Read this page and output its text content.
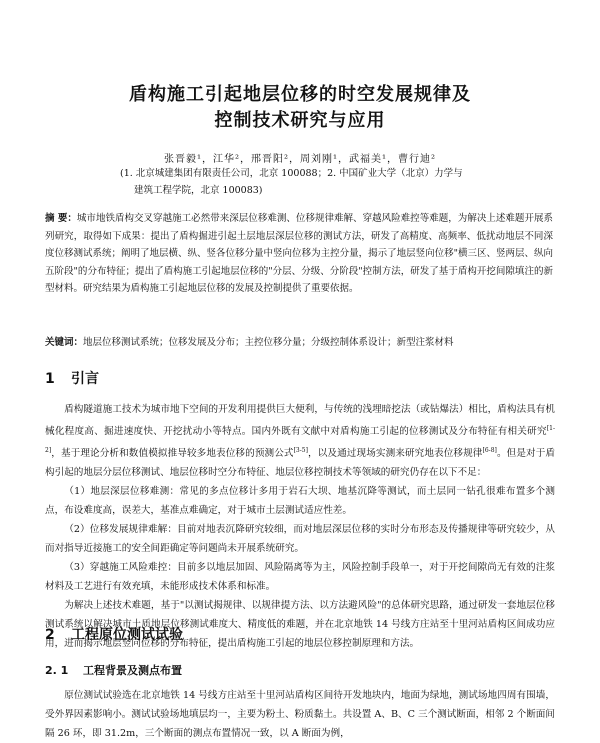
盾构施工引起地层位移的时空发展规律及
控制技术研究与应用
张晋毅¹，江华²，邢晋阳²，周刘刚¹，武福美¹，曹行迪²
(1. 北京城建集团有限责任公司，北京 100088；2. 中国矿业大学（北京）力学与
建筑工程学院，北京 100083)
摘 要：城市地铁盾构交叉穿越施工必然带来深层位移难测、位移规律难解、穿越风险难控等难题，为解决上述难题开展系列研究，取得如下成果：提出了盾构掘进引起土层地层深层位移的测试方法，研发了高精度、高频率、低扰动地层不同深度位移测试系统；阐明了地层横、纵、竖各位移分量中竖向位移为主控分量，揭示了地层竖向位移"横三区、竖两层、纵向五阶段"的分布特征；提出了盾构施工引起地层位移的"分层、分级、分阶段"控制方法，研发了基于盾构开挖间隙填注的新型材料。研究结果为盾构施工引起地层位移的发展及控制提供了重要依据。
关键词：地层位移测试系统；位移发展及分布；主控位移分量；分级控制体系设计；新型注浆材料
1 引言

盾构隧道施工技术为城市地下空间的开发利用提供巨大便利，与传统的浅埋暗挖法（或钻爆法）相比，盾构法具有机械化程度高、掘进速度快、开挖扰动小等特点。国内外既有文献中对盾构施工引起的位移测试及分布特征有相关研究[1-2]，基于理论分析和数值模拟推导较多地表位移的预测公式[3-5]，以及通过现场实测来研究地表位移规律[6-8]。但是对于盾构引起的地层分层位移测试、地层位移时空分布特征、地层位移控制技术等领域的研究仍存在以下不足：

（1）地层深层位移难测：常见的多点位移计多用于岩石大坝、地基沉降等测试，而土层同一钻孔很难布置多个测点，布设难度高，误差大，基准点难确定，对于城市土层测试适应性差。

（2）位移发展规律难解：目前对地表沉降研究较细，而对地层深层位移的实时分布形态及传播规律等研究较少，从而对指导近接施工的安全间距确定等问题尚未开展系统研究。

（3）穿越施工风险难控：目前多以地层加固、风险隔离等为主，风险控制手段单一，对于开挖间隙尚无有效的注浆材料及工艺进行有效充填，未能形成技术体系和标准。

为解决上述技术难题，基于"以测试揭规律、以规律提方法、以方法避风险"的总体研究思路，通过研发一套地层位移测试系统以解决城市土质地层位移测试难度大、精度低的难题，并在北京地铁 14 号线方庄站至十里河站盾构区间成功应用，进而揭示地层竖向位移的分布特征，提出盾构施工引起的地层位移控制原理和方法。

2 工程原位测试试验
2. 1 工程背景及测点布置

原位测试试验选在北京地铁 14 号线方庄站至十里河站盾构区间待开发地块内，地面为绿地，测试场地四周有围墙，受外界因素影响小。测试试验场地填层均一，主要为粉土、粉质黏土。共设置 A、B、C 三个测试断面，相邻 2 个断面间隔 26 环，即 31.2m，三个断面的测点布置情况一致，以 A 断面为例，
